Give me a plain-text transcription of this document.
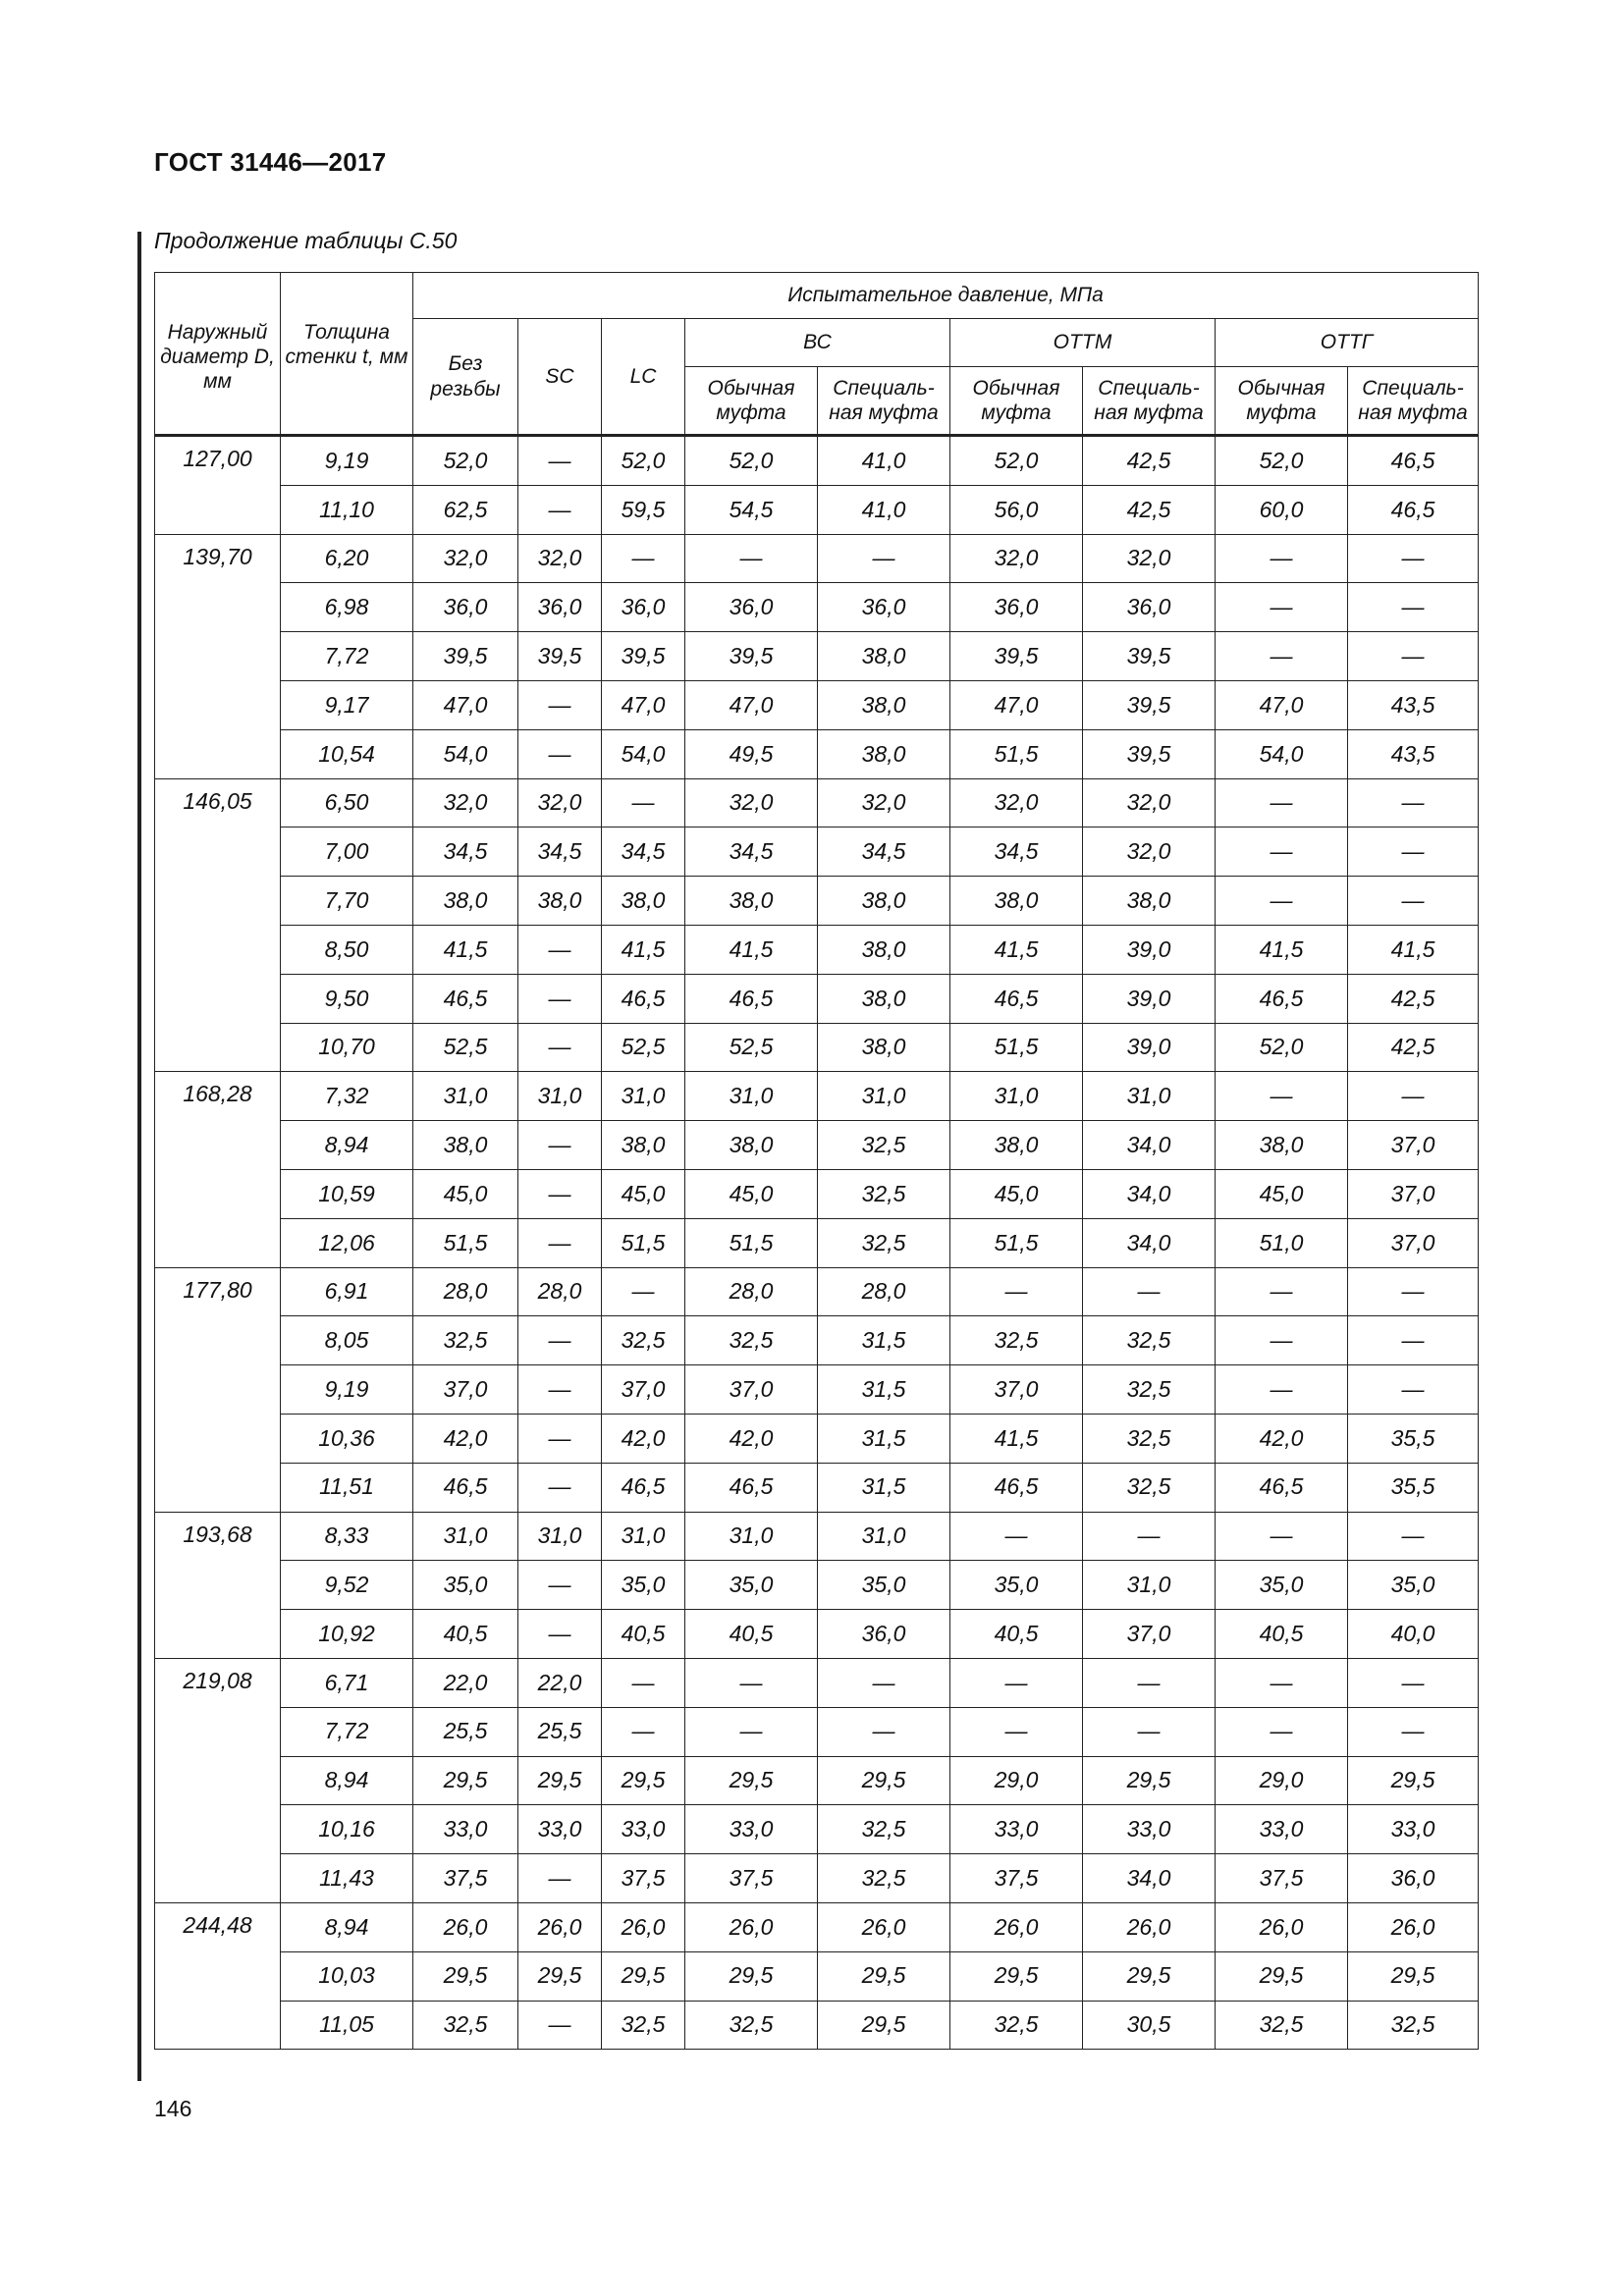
ГОСТ 31446—2017
Продолжение таблицы С.50
Наружный диаметр D, мм	Толщина стенки t, мм	Испытательное давление, МПа								
		Без резьбы	SC	LC	ВС		ОТТМ		ОТТГ	
					Обычная муфта	Специаль-ная муфта	Обычная муфта	Специаль-ная муфта	Обычная муфта	Специаль-ная муфта
127,00	9,19	52,0	—	52,0	52,0	41,0	52,0	42,5	52,0	46,5
	11,10	62,5	—	59,5	54,5	41,0	56,0	42,5	60,0	46,5
139,70	6,20	32,0	32,0	—	—	—	32,0	32,0	—	—
	6,98	36,0	36,0	36,0	36,0	36,0	36,0	36,0	—	—
	7,72	39,5	39,5	39,5	39,5	38,0	39,5	39,5	—	—
	9,17	47,0	—	47,0	47,0	38,0	47,0	39,5	47,0	43,5
	10,54	54,0	—	54,0	49,5	38,0	51,5	39,5	54,0	43,5
146,05	6,50	32,0	32,0	—	32,0	32,0	32,0	32,0	—	—
	7,00	34,5	34,5	34,5	34,5	34,5	34,5	32,0	—	—
	7,70	38,0	38,0	38,0	38,0	38,0	38,0	38,0	—	—
	8,50	41,5	—	41,5	41,5	38,0	41,5	39,0	41,5	41,5
	9,50	46,5	—	46,5	46,5	38,0	46,5	39,0	46,5	42,5
	10,70	52,5	—	52,5	52,5	38,0	51,5	39,0	52,0	42,5
168,28	7,32	31,0	31,0	31,0	31,0	31,0	31,0	31,0	—	—
	8,94	38,0	—	38,0	38,0	32,5	38,0	34,0	38,0	37,0
	10,59	45,0	—	45,0	45,0	32,5	45,0	34,0	45,0	37,0
	12,06	51,5	—	51,5	51,5	32,5	51,5	34,0	51,0	37,0
177,80	6,91	28,0	28,0	—	28,0	28,0	—	—	—	—
	8,05	32,5	—	32,5	32,5	31,5	32,5	32,5	—	—
	9,19	37,0	—	37,0	37,0	31,5	37,0	32,5	—	—
	10,36	42,0	—	42,0	42,0	31,5	41,5	32,5	42,0	35,5
	11,51	46,5	—	46,5	46,5	31,5	46,5	32,5	46,5	35,5
193,68	8,33	31,0	31,0	31,0	31,0	31,0	—	—	—	—
	9,52	35,0	—	35,0	35,0	35,0	35,0	31,0	35,0	35,0
	10,92	40,5	—	40,5	40,5	36,0	40,5	37,0	40,5	40,0
219,08	6,71	22,0	22,0	—	—	—	—	—	—	—
	7,72	25,5	25,5	—	—	—	—	—	—	—
	8,94	29,5	29,5	29,5	29,5	29,5	29,0	29,5	29,0	29,5
	10,16	33,0	33,0	33,0	33,0	32,5	33,0	33,0	33,0	33,0
	11,43	37,5	—	37,5	37,5	32,5	37,5	34,0	37,5	36,0
244,48	8,94	26,0	26,0	26,0	26,0	26,0	26,0	26,0	26,0	26,0
	10,03	29,5	29,5	29,5	29,5	29,5	29,5	29,5	29,5	29,5
	11,05	32,5	—	32,5	32,5	29,5	32,5	30,5	32,5	32,5
146
